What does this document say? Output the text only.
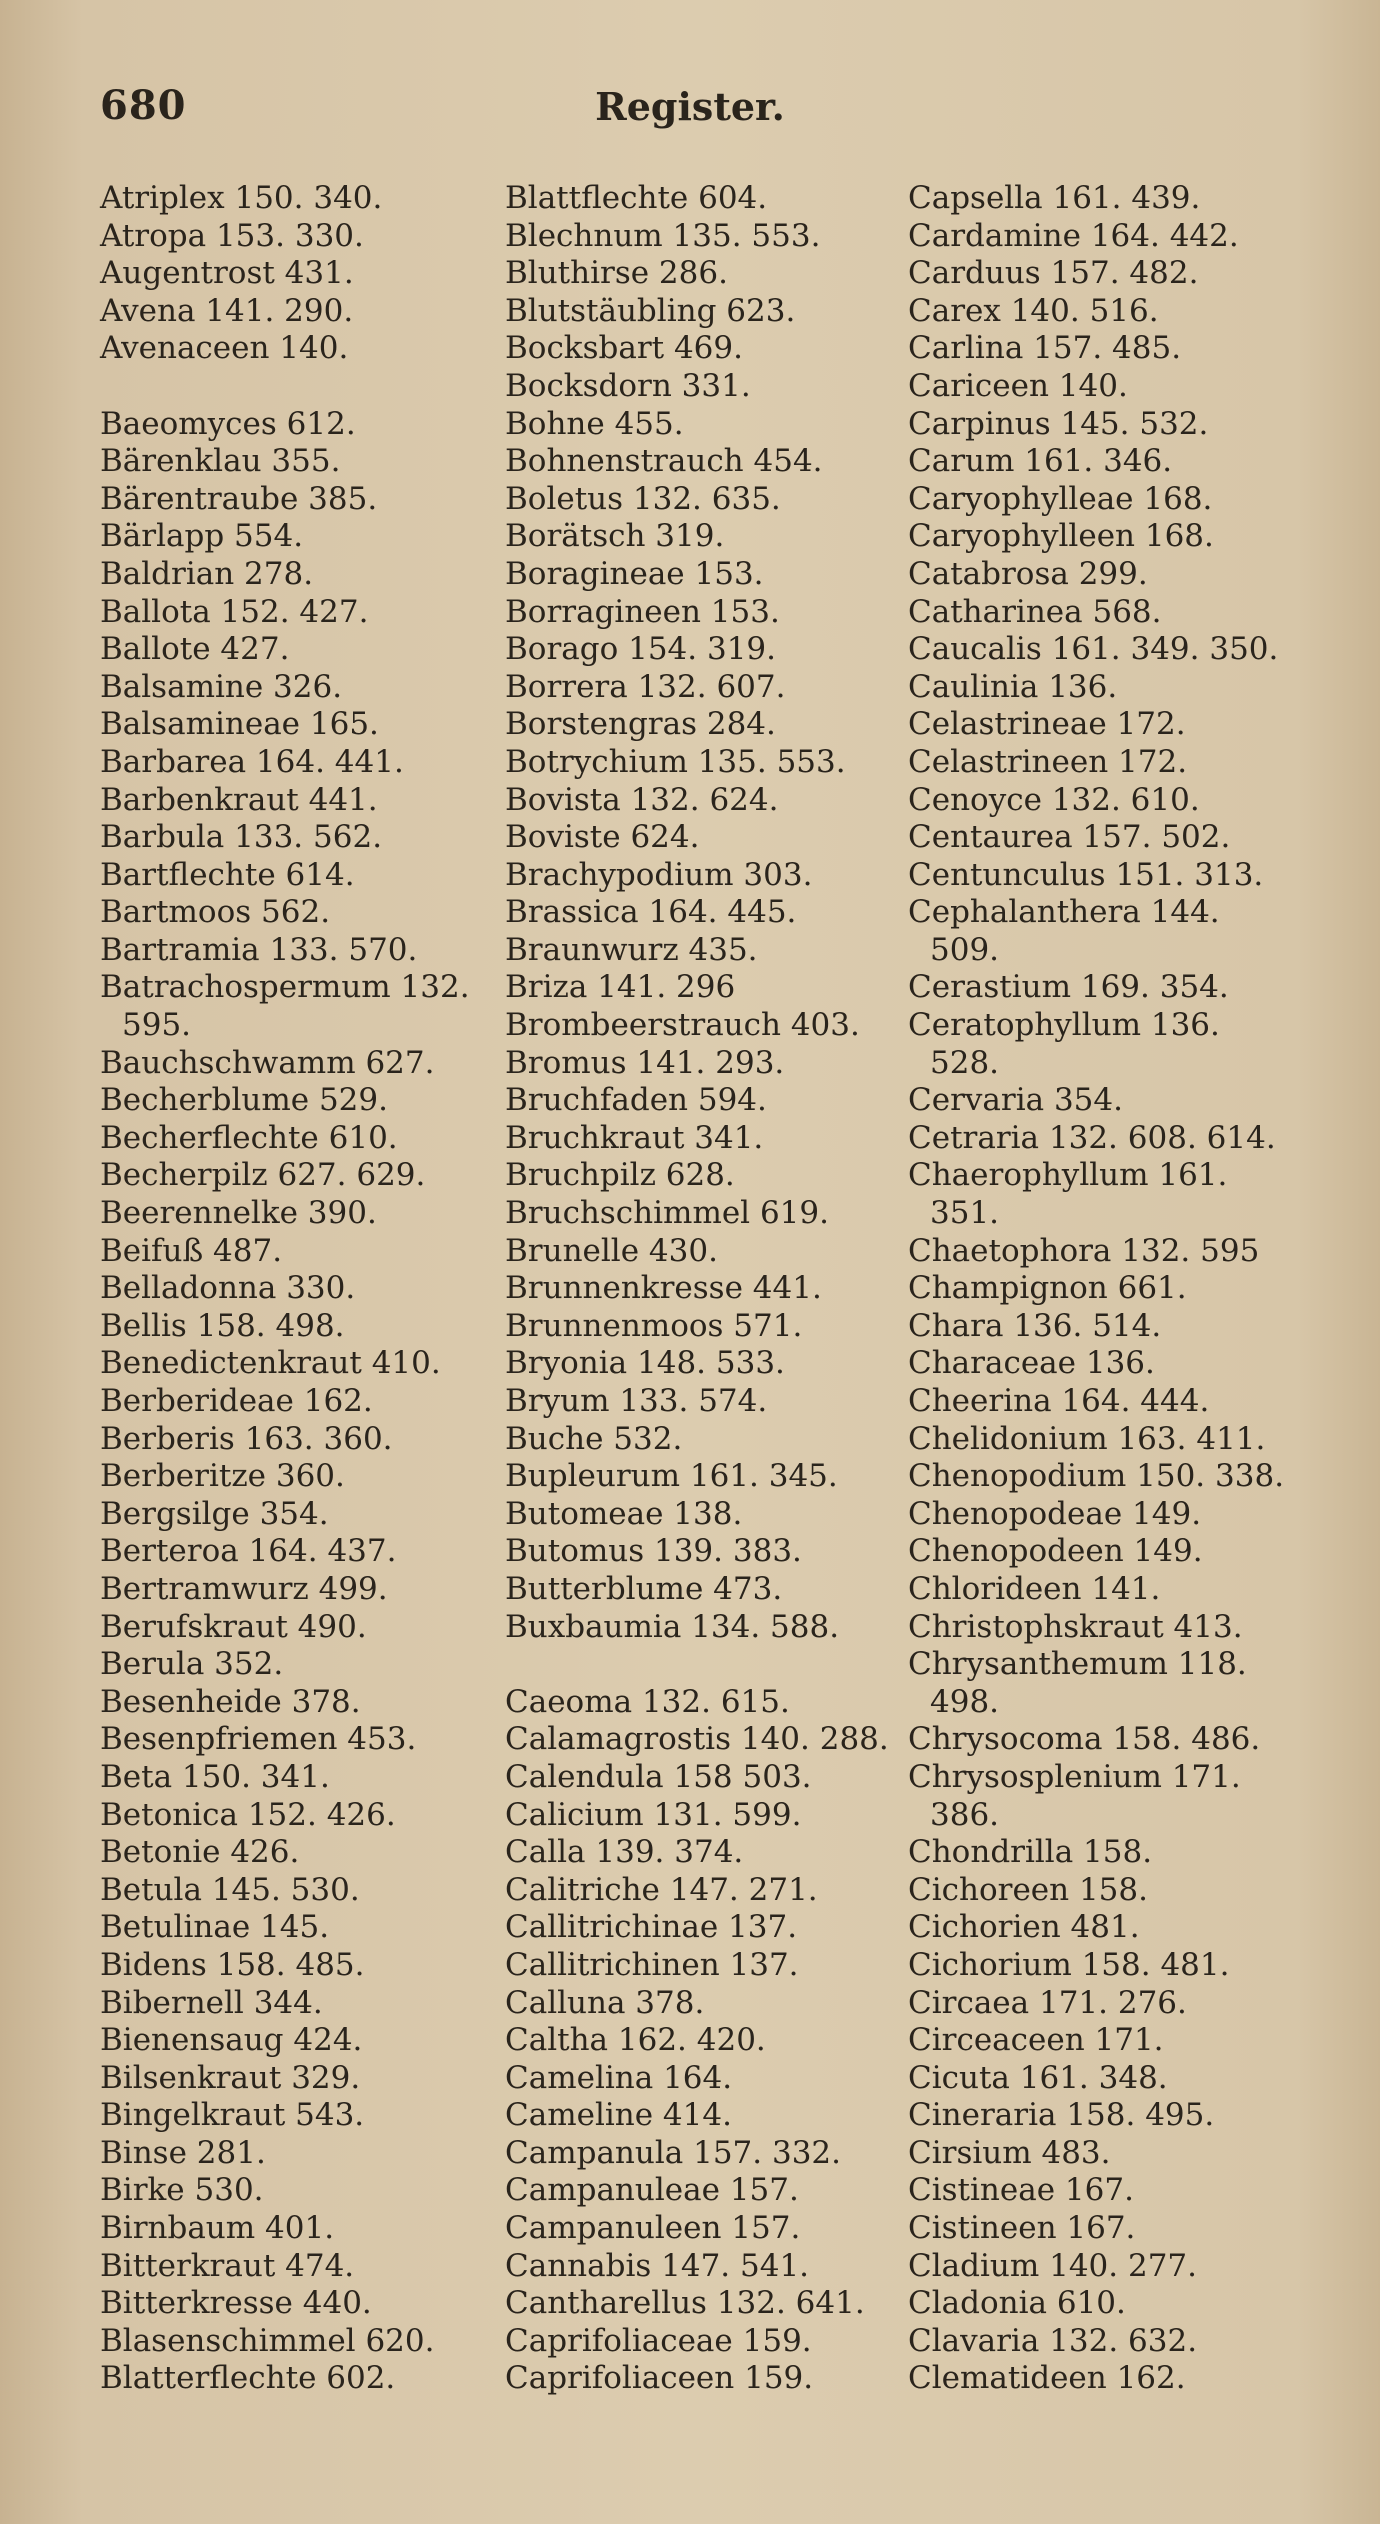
680	Register.
Atriplex 150. 340.
Atropa 153. 330.
Augentrost 431.
Avena 141. 290.
Avenaceen 140.
Baeomyces 612.
Bärenklau 355.
Bärentraube 385.
Bärlapp 554.
Baldrian 278.
Ballota 152. 427.
Ballote 427.
Balsamine 326.
Balsamineae 165.
Barbarea 164. 441.
Barbenkraut 441.
Barbula 133. 562.
Bartflechte 614.
Bartmoos 562.
Bartramia 133. 570.
Batrachospermum 132.
595.
Bauchschwamm 627.
Becherblume 529.
Becherflechte 610.
Becherpilz 627. 629.
Beerennelke 390.
Beifuß 487.
Belladonna 330.
Bellis 158. 498.
Benedictenkraut 410.
Berberideae 162.
Berberis 163. 360.
Berberitze 360.
Bergsilge 354.
Berteroa 164. 437.
Bertramwurz 499.
Berufskraut 490.
Berula 352.
Besenheide 378.
Besenpfriemen 453.
Beta 150. 341.
Betonica 152. 426.
Betonie 426.
Betula 145. 530.
Betulinae 145.
Bidens 158. 485.
Bibernell 344.
Bienensaug 424.
Bilsenkraut 329.
Bingelkraut 543.
Binse 281.
Birke 530.
Birnbaum 401.
Bitterkraut 474.
Bitterkresse 440.
Blasenschimmel 620.
Blatterflechte 602.
Blattflechte 604.
Blechnum 135. 553.
Bluthirse 286.
Blutstäubling 623.
Bocksbart 469.
Bocksdorn 331.
Bohne 455.
Bohnenstrauch 454.
Boletus 132. 635.
Borätsch 319.
Boragineae 153.
Borragineen 153.
Borago 154. 319.
Borrera 132. 607.
Borstengras 284.
Botrychium 135. 553.
Bovista 132. 624.
Boviste 624.
Brachypodium 303.
Brassica 164. 445.
Braunwurz 435.
Briza 141. 296
Brombeerstrauch 403.
Bromus 141. 293.
Bruchfaden 594.
Bruchkraut 341.
Bruchpilz 628.
Bruchschimmel 619.
Brunelle 430.
Brunnenkresse 441.
Brunnenmoos 571.
Bryonia 148. 533.
Bryum 133. 574.
Buche 532.
Bupleurum 161. 345.
Butomeae 138.
Butomus 139. 383.
Butterblume 473.
Buxbaumia 134. 588.
Caeoma 132. 615.
Calamagrostis 140. 288.
Calendula 158 503.
Calicium 131. 599.
Calla 139. 374.
Calitriche 147. 271.
Callitrichinae 137.
Callitrichinen 137.
Calluna 378.
Caltha 162. 420.
Camelina 164.
Cameline 414.
Campanula 157. 332.
Campanuleae 157.
Campanuleen 157.
Cannabis 147. 541.
Cantharellus 132. 641.
Caprifoliaceae 159.
Caprifoliaceen 159.
Capsella 161. 439.
Cardamine 164. 442.
Carduus 157. 482.
Carex 140. 516.
Carlina 157. 485.
Cariceen 140.
Carpinus 145. 532.
Carum 161. 346.
Caryophylleae 168.
Caryophylleen 168.
Catabrosa 299.
Catharinea 568.
Caucalis 161. 349. 350.
Caulinia 136.
Celastrineae 172.
Celastrineen 172.
Cenoyce 132. 610.
Centaurea 157. 502.
Centunculus 151. 313.
Cephalanthera 144.
509.
Cerastium 169. 354.
Ceratophyllum 136.
528.
Cervaria 354.
Cetraria 132. 608. 614.
Chaerophyllum 161.
351.
Chaetophora 132. 595
Champignon 661.
Chara 136. 514.
Characeae 136.
Cheerina 164. 444.
Chelidonium 163. 411.
Chenopodium 150. 338.
Chenopodeae 149.
Chenopodeen 149.
Chlorideen 141.
Christophskraut 413.
Chrysanthemum 118.
498.
Chrysocoma 158. 486.
Chrysosplenium 171.
386.
Chondrilla 158.
Cichoreen 158.
Cichorien 481.
Cichorium 158. 481.
Circaea 171. 276.
Circeaceen 171.
Cicuta 161. 348.
Cineraria 158. 495.
Cirsium 483.
Cistineae 167.
Cistineen 167.
Cladium 140. 277.
Cladonia 610.
Clavaria 132. 632.
Clematideen 162.
